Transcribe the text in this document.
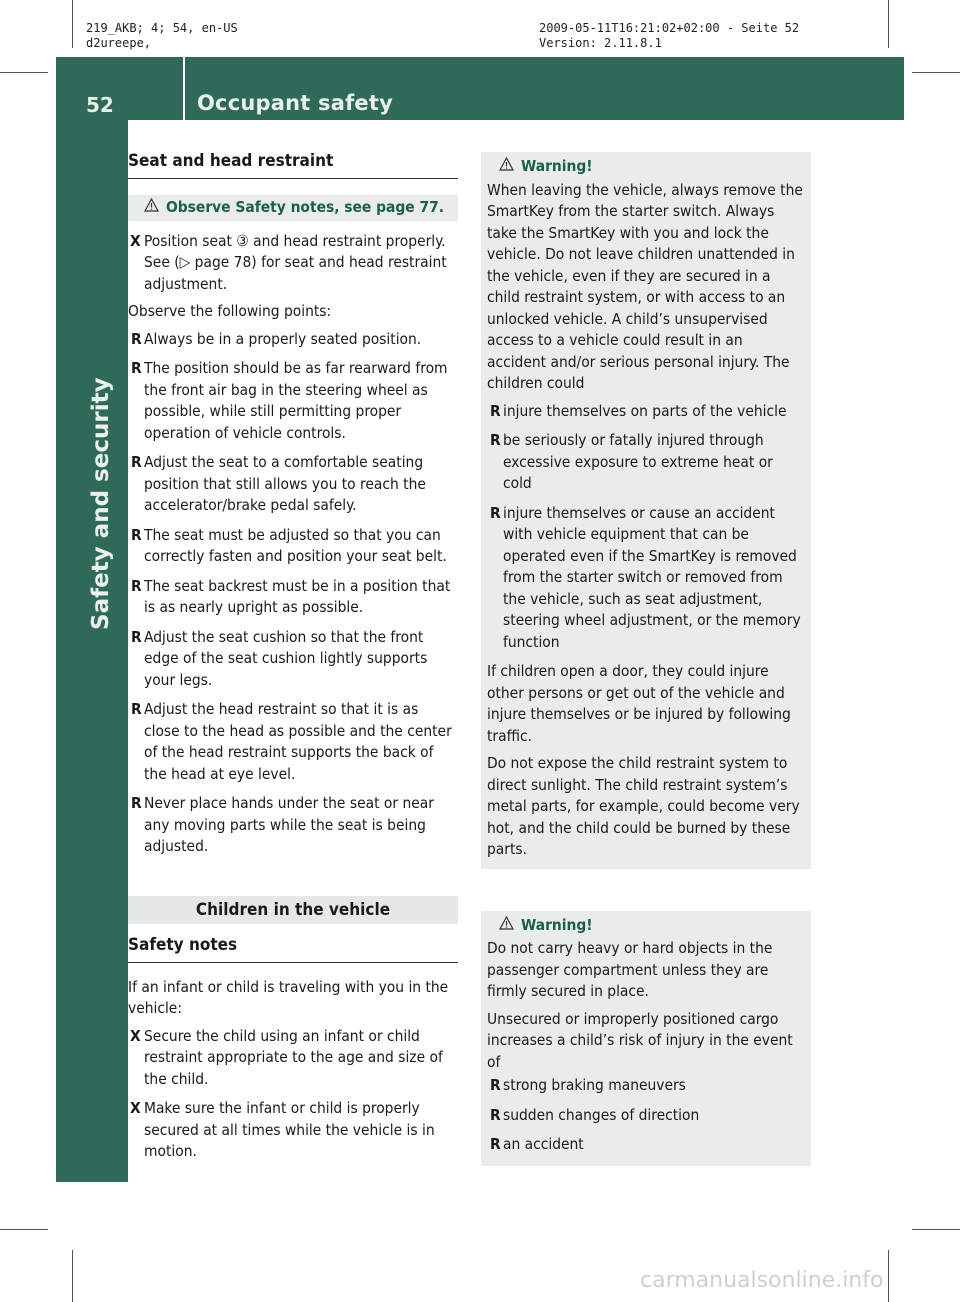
219_AKB; 4; 54, en-US
d2ureepe,
2009-05-11T16:21:02+02:00 - Seite 52
Version: 2.11.8.1
52	Occupant safety
Safety and security
Seat and head restraint
Observe Safety notes, see page 77.
X Position seat ③ and head restraint properly. See (▷ page 78) for seat and head restraint adjustment.

Observe the following points:

R Always be in a properly seated position.
R The position should be as far rearward from the front air bag in the steering wheel as possible, while still permitting proper operation of vehicle controls.
R Adjust the seat to a comfortable seating position that still allows you to reach the accelerator/brake pedal safely.
R The seat must be adjusted so that you can correctly fasten and position your seat belt.
R The seat backrest must be in a position that is as nearly upright as possible.
R Adjust the seat cushion so that the front edge of the seat cushion lightly supports your legs.
R Adjust the head restraint so that it is as close to the head as possible and the center of the head restraint supports the back of the head at eye level.
R Never place hands under the seat or near any moving parts while the seat is being adjusted.
Children in the vehicle
Safety notes

If an infant or child is traveling with you in the vehicle:

X Secure the child using an infant or child restraint appropriate to the age and size of the child.
X Make sure the infant or child is properly secured at all times while the vehicle is in motion.
Warning!

When leaving the vehicle, always remove the SmartKey from the starter switch. Always take the SmartKey with you and lock the vehicle. Do not leave children unattended in the vehicle, even if they are secured in a child restraint system, or with access to an unlocked vehicle. A child’s unsupervised access to a vehicle could result in an accident and/or serious personal injury. The children could

R injure themselves on parts of the vehicle
R be seriously or fatally injured through excessive exposure to extreme heat or cold
R injure themselves or cause an accident with vehicle equipment that can be operated even if the SmartKey is removed from the starter switch or removed from the vehicle, such as seat adjustment, steering wheel adjustment, or the memory function

If children open a door, they could injure other persons or get out of the vehicle and injure themselves or be injured by following traffic.

Do not expose the child restraint system to direct sunlight. The child restraint system’s metal parts, for example, could become very hot, and the child could be burned by these parts.

Warning!

Do not carry heavy or hard objects in the passenger compartment unless they are firmly secured in place.

Unsecured or improperly positioned cargo increases a child’s risk of injury in the event of

R strong braking maneuvers
R sudden changes of direction
R an accident
carmanualsonline.info
